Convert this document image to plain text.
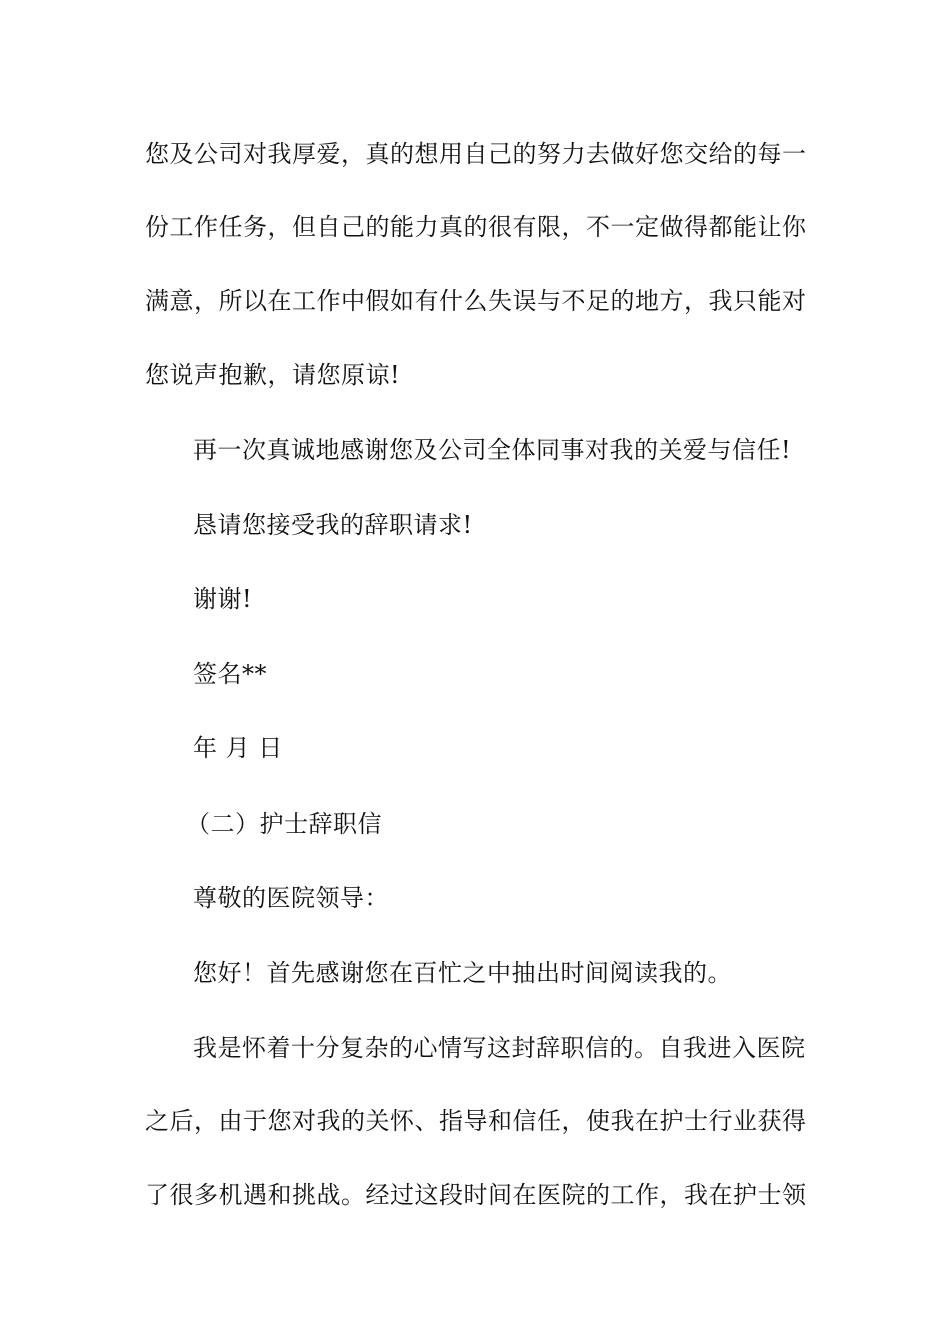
您及公司对我厚爱，真的想用自己的努力去做好您交给的每一
份工作任务，但自己的能力真的很有限，不一定做得都能让你
满意，所以在工作中假如有什么失误与不足的地方，我只能对
您说声抱歉，请您原谅!
再一次真诚地感谢您及公司全体同事对我的关爱与信任!
恳请您接受我的辞职请求!
谢谢!
签名**
年 月 日
（二）护士辞职信
尊敬的医院领导：
您好！首先感谢您在百忙之中抽出时间阅读我的。
我是怀着十分复杂的心情写这封辞职信的。自我进入医院
之后，由于您对我的关怀、指导和信任，使我在护士行业获得
了很多机遇和挑战。经过这段时间在医院的工作，我在护士领
